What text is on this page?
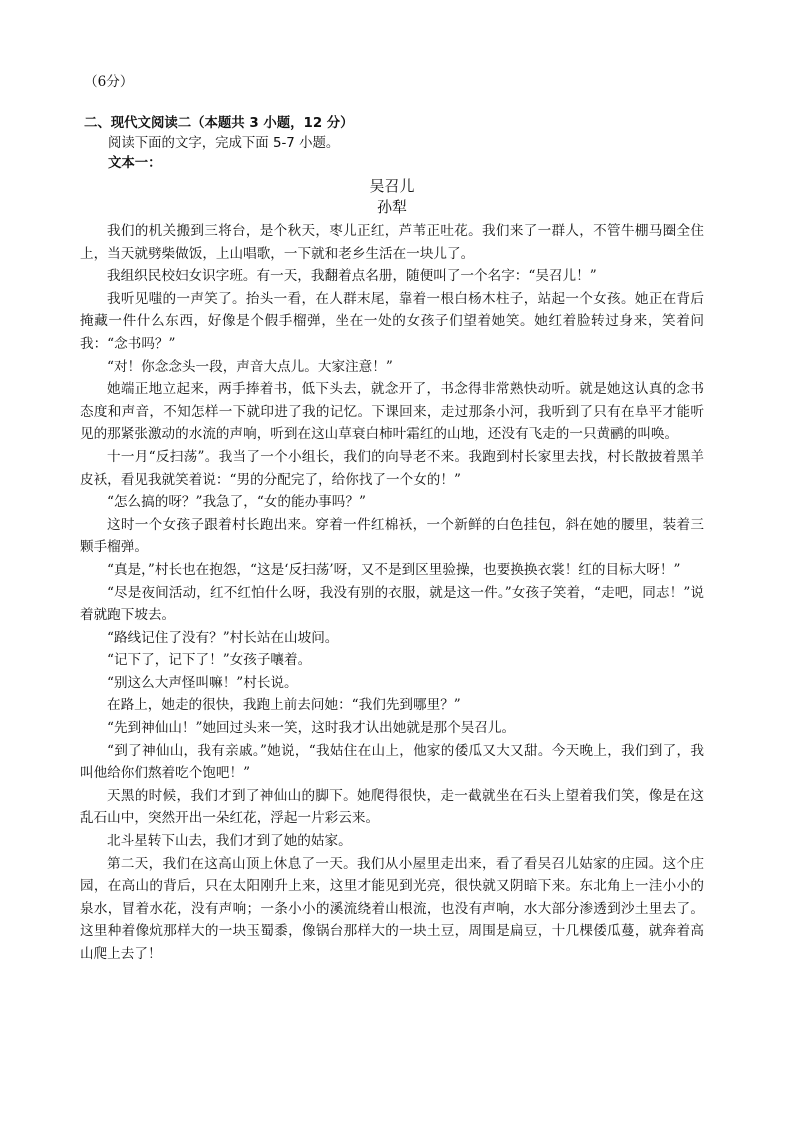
（6分）

二、现代文阅读二（本题共 3 小题，12 分）

阅读下面的文字，完成下面 5-7 小题。

文本一：

吴召儿

孙犁

我们的机关搬到三将台，是个秋天，枣儿正红，芦苇正吐花。我们来了一群人，不管牛棚马圈全住上，当天就劈柴做饭，上山唱歌，一下就和老乡生活在一块儿了。

我组织民校妇女识字班。有一天，我翻着点名册，随便叫了一个名字：“吴召儿！”

我听见嗤的一声笑了。抬头一看，在人群末尾，靠着一根白杨木柱子，站起一个女孩。她正在背后掩藏一件什么东西，好像是个假手榴弹，坐在一处的女孩子们望着她笑。她红着脸转过身来，笑着问我：“念书吗？”

“对！你念念头一段，声音大点儿。大家注意！”

她端正地立起来，两手捧着书，低下头去，就念开了，书念得非常熟快动听。就是她这认真的念书态度和声音，不知怎样一下就印进了我的记忆。下课回来，走过那条小河，我听到了只有在阜平才能听见的那紧张激动的水流的声响，听到在这山草衰白柿叶霜红的山地，还没有飞走的一只黄鹂的叫唤。

十一月“反扫荡”。我当了一个小组长，我们的向导老不来。我跑到村长家里去找，村长散披着黑羊皮袄，看见我就笑着说：“男的分配完了，给你找了一个女的！”

“怎么搞的呀？”我急了，“女的能办事吗？”

这时一个女孩子跟着村长跑出来。穿着一件红棉袄，一个新鲜的白色挂包，斜在她的腰里，装着三颗手榴弹。

“真是，”村长也在抱怨，“这是‘反扫荡’呀，又不是到区里验操，也要换换衣裳！红的目标大呀！”

“尽是夜间活动，红不红怕什么呀，我没有别的衣服，就是这一件。”女孩子笑着，“走吧，同志！”说着就跑下坡去。

“路线记住了没有？”村长站在山坡问。

“记下了，记下了！”女孩子嚷着。

“别这么大声怪叫嘛！”村长说。

在路上，她走的很快，我跑上前去问她：“我们先到哪里？”

“先到神仙山！”她回过头来一笑，这时我才认出她就是那个吴召儿。

“到了神仙山，我有亲戚。”她说，“我姑住在山上，他家的倭瓜又大又甜。今天晚上，我们到了，我叫他给你们熬着吃个饱吧！”

天黑的时候，我们才到了神仙山的脚下。她爬得很快，走一截就坐在石头上望着我们笑，像是在这乱石山中，突然开出一朵红花，浮起一片彩云来。

北斗星转下山去，我们才到了她的姑家。

第二天，我们在这高山顶上休息了一天。我们从小屋里走出来，看了看吴召儿姑家的庄园。这个庄园，在高山的背后，只在太阳刚升上来，这里才能见到光亮，很快就又阴暗下来。东北角上一洼小小的泉水，冒着水花，没有声响；一条小小的溪流绕着山根流，也没有声响，水大部分渗透到沙土里去了。这里种着像炕那样大的一块玉蜀黍，像锅台那样大的一块土豆，周围是扁豆，十几棵倭瓜蔓，就奔着高山爬上去了！
